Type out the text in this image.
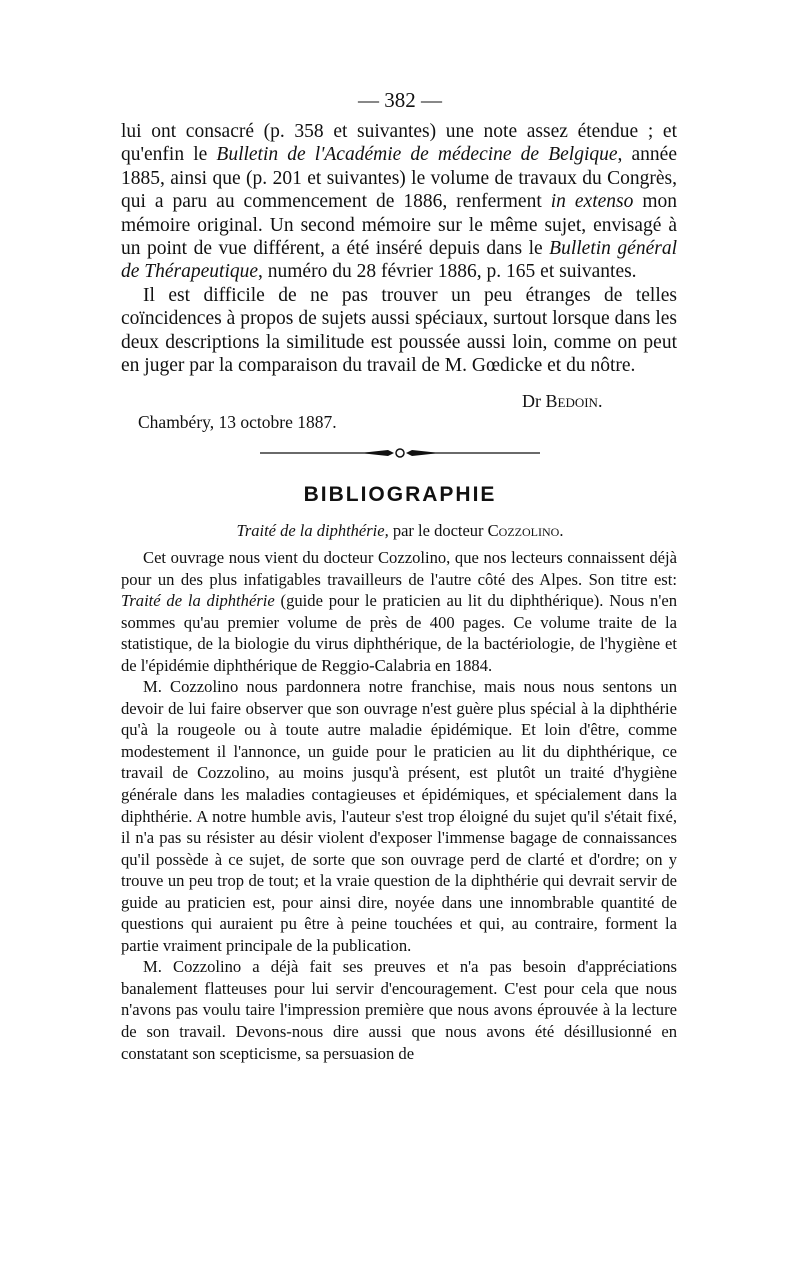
— 382 —

lui ont consacré (p. 358 et suivantes) une note assez étendue ; et qu'enfin le Bulletin de l'Académie de médecine de Belgique, année 1885, ainsi que (p. 201 et suivantes) le volume de travaux du Congrès, qui a paru au commencement de 1886, renferment in extenso mon mémoire original. Un second mémoire sur le même sujet, envisagé à un point de vue différent, a été inséré depuis dans le Bulletin général de Thérapeutique, numéro du 28 février 1886, p. 165 et suivantes.

Il est difficile de ne pas trouver un peu étranges de telles coïncidences à propos de sujets aussi spéciaux, surtout lorsque dans les deux descriptions la similitude est poussée aussi loin, comme on peut en juger par la comparaison du travail de M. Gœdicke et du nôtre.

Dr Bedoin.
Chambéry, 13 octobre 1887.
BIBLIOGRAPHIE
Traité de la diphthérie, par le docteur Cozzolino.

Cet ouvrage nous vient du docteur Cozzolino, que nos lecteurs connaissent déjà pour un des plus infatigables travailleurs de l'autre côté des Alpes. Son titre est: Traité de la diphthérie (guide pour le praticien au lit du diphthérique). Nous n'en sommes qu'au premier volume de près de 400 pages. Ce volume traite de la statistique, de la biologie du virus diphthérique, de la bactériologie, de l'hygiène et de l'épidémie diphthérique de Reggio-Calabria en 1884.

M. Cozzolino nous pardonnera notre franchise, mais nous nous sentons un devoir de lui faire observer que son ouvrage n'est guère plus spécial à la diphthérie qu'à la rougeole ou à toute autre maladie épidémique. Et loin d'être, comme modestement il l'annonce, un guide pour le praticien au lit du diphthérique, ce travail de Cozzolino, au moins jusqu'à présent, est plutôt un traité d'hygiène générale dans les maladies contagieuses et épidémiques, et spécialement dans la diphthérie. A notre humble avis, l'auteur s'est trop éloigné du sujet qu'il s'était fixé, il n'a pas su résister au désir violent d'exposer l'immense bagage de connaissances qu'il possède à ce sujet, de sorte que son ouvrage perd de clarté et d'ordre; on y trouve un peu trop de tout; et la vraie question de la diphthérie qui devrait servir de guide au praticien est, pour ainsi dire, noyée dans une innombrable quantité de questions qui auraient pu être à peine touchées et qui, au contraire, forment la partie vraiment principale de la publication.

M. Cozzolino a déjà fait ses preuves et n'a pas besoin d'appréciations banalement flatteuses pour lui servir d'encouragement. C'est pour cela que nous n'avons pas voulu taire l'impression première que nous avons éprouvée à la lecture de son travail. Devons-nous dire aussi que nous avons été désillusionné en constatant son scepticisme, sa persuasion de
